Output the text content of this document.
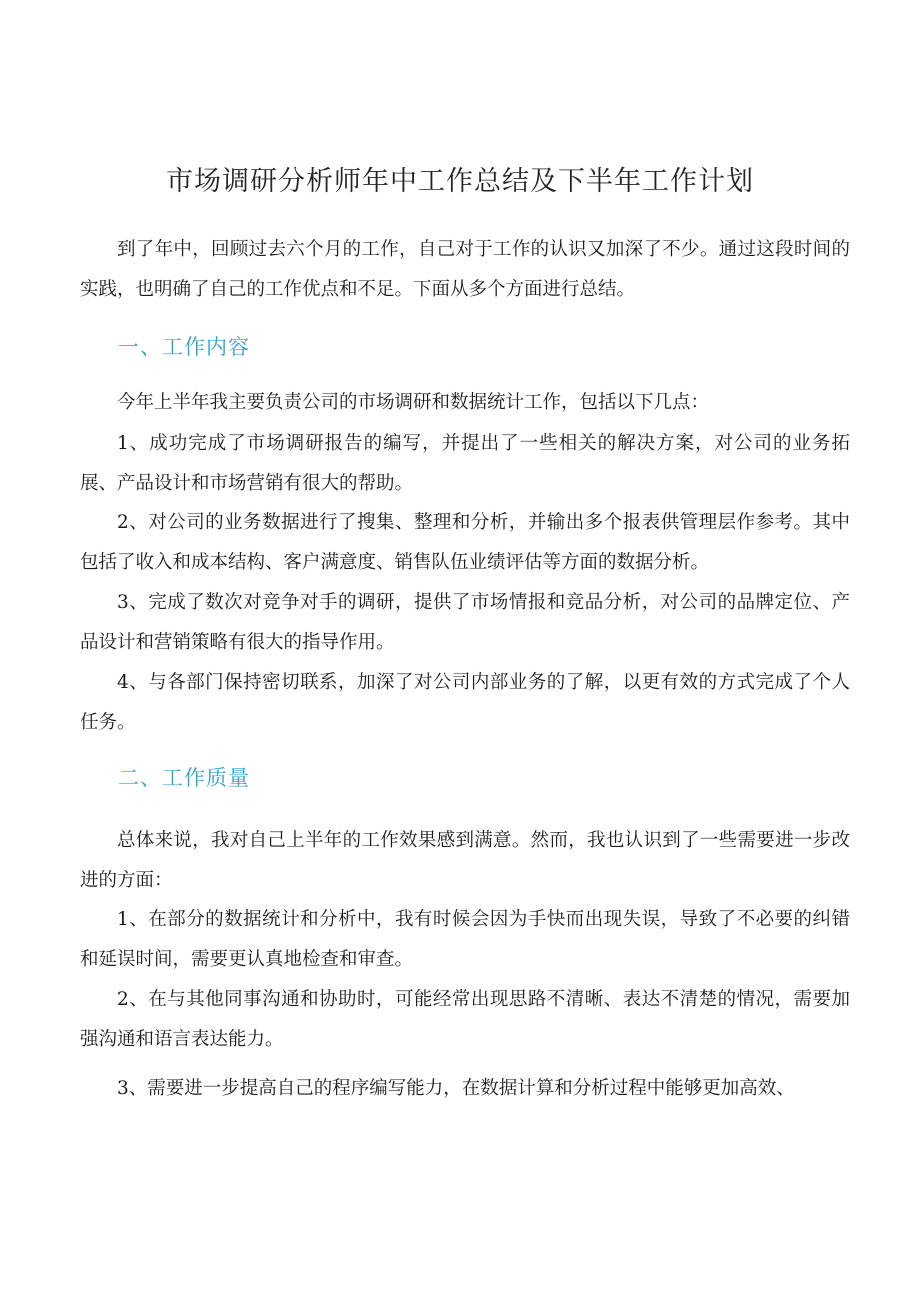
市场调研分析师年中工作总结及下半年工作计划
到了年中，回顾过去六个月的工作，自己对于工作的认识又加深了不少。通过这段时间的实践，也明确了自己的工作优点和不足。下面从多个方面进行总结。
一、工作内容
今年上半年我主要负责公司的市场调研和数据统计工作，包括以下几点：
1、成功完成了市场调研报告的编写，并提出了一些相关的解决方案，对公司的业务拓展、产品设计和市场营销有很大的帮助。
2、对公司的业务数据进行了搜集、整理和分析，并输出多个报表供管理层作参考。其中包括了收入和成本结构、客户满意度、销售队伍业绩评估等方面的数据分析。
3、完成了数次对竞争对手的调研，提供了市场情报和竞品分析，对公司的品牌定位、产品设计和营销策略有很大的指导作用。
4、与各部门保持密切联系，加深了对公司内部业务的了解，以更有效的方式完成了个人任务。
二、工作质量
总体来说，我对自己上半年的工作效果感到满意。然而，我也认识到了一些需要进一步改进的方面：
1、在部分的数据统计和分析中，我有时候会因为手快而出现失误，导致了不必要的纠错和延误时间，需要更认真地检查和审查。
2、在与其他同事沟通和协助时，可能经常出现思路不清晰、表达不清楚的情况，需要加强沟通和语言表达能力。
3、需要进一步提高自己的程序编写能力，在数据计算和分析过程中能够更加高效、
